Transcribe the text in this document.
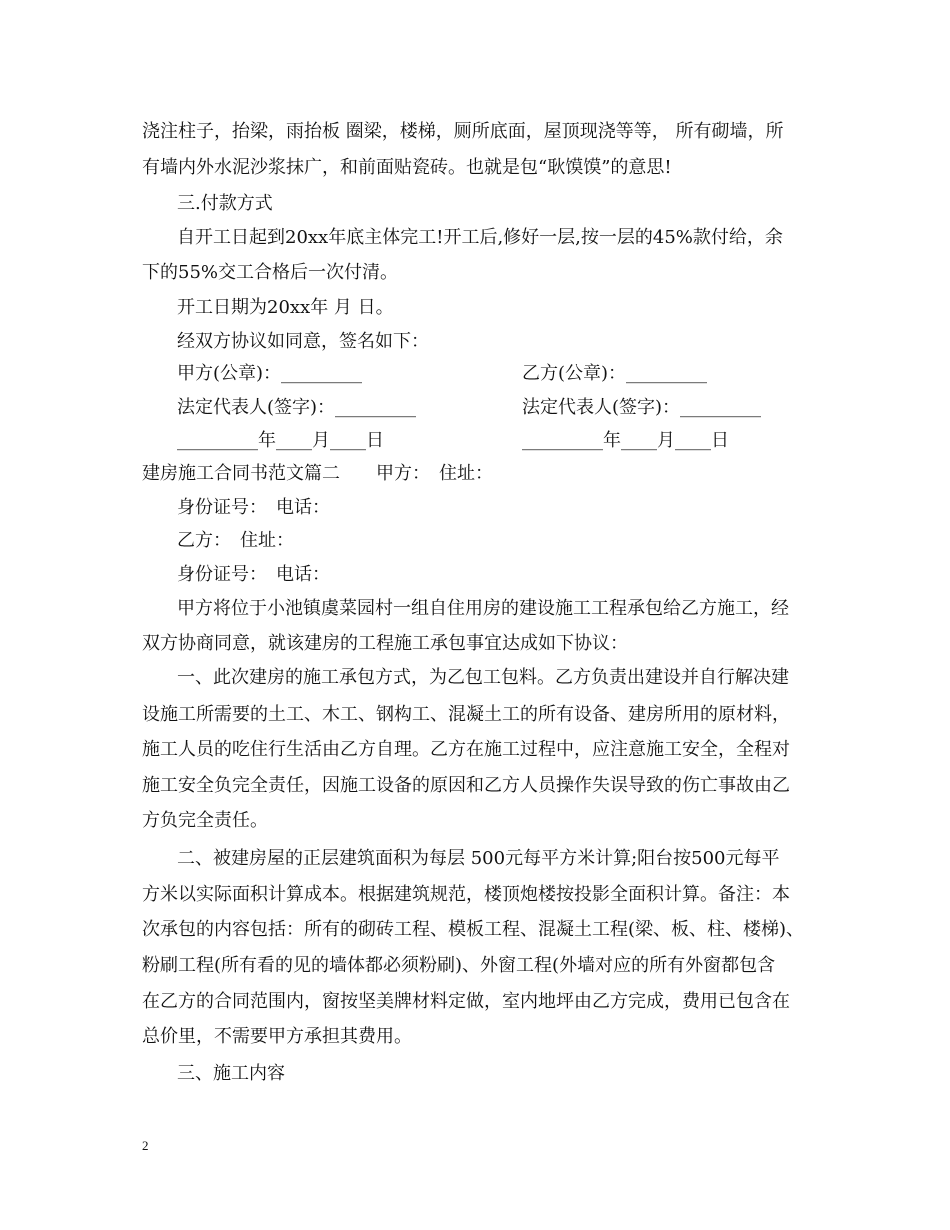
浇注柱子，抬梁，雨抬板 圈梁，楼梯，厕所底面，屋顶现浇等等， 所有砌墙，所
有墙内外水泥沙浆抹广，和前面贴瓷砖。也就是包“耿馍馍”的意思!
三.付款方式
自开工日起到20xx年底主体完工!开工后,修好一层,按一层的45%款付给，余
下的55%交工合格后一次付清。
开工日期为20xx年 月 日。
经双方协议如同意，签名如下：
甲方(公章)：_________	乙方(公章)：_________
法定代表人(签字)：_________	法定代表人(签字)：_________
_________年____月____日	_________年____月____日
建房施工合同书范文篇二　　甲方：　住址：
身份证号：　电话：
乙方：　住址：
身份证号：　电话：
甲方将位于小池镇虞菜园村一组自住用房的建设施工工程承包给乙方施工，经
双方协商同意，就该建房的工程施工承包事宜达成如下协议：
一、此次建房的施工承包方式，为乙包工包料。乙方负责出建设并自行解决建
设施工所需要的土工、木工、钢构工、混凝土工的所有设备、建房所用的原材料，
施工人员的吃住行生活由乙方自理。乙方在施工过程中，应注意施工安全，全程对
施工安全负完全责任，因施工设备的原因和乙方人员操作失误导致的伤亡事故由乙
方负完全责任。
二、被建房屋的正层建筑面积为每层 500元每平方米计算;阳台按500元每平
方米以实际面积计算成本。根据建筑规范，楼顶炮楼按投影全面积计算。备注：本
次承包的内容包括：所有的砌砖工程、模板工程、混凝土工程(梁、板、柱、楼梯)、
粉刷工程(所有看的见的墙体都必须粉刷)、外窗工程(外墙对应的所有外窗都包含
在乙方的合同范围内，窗按坚美牌材料定做，室内地坪由乙方完成，费用已包含在
总价里，不需要甲方承担其费用。
三、施工内容
2
